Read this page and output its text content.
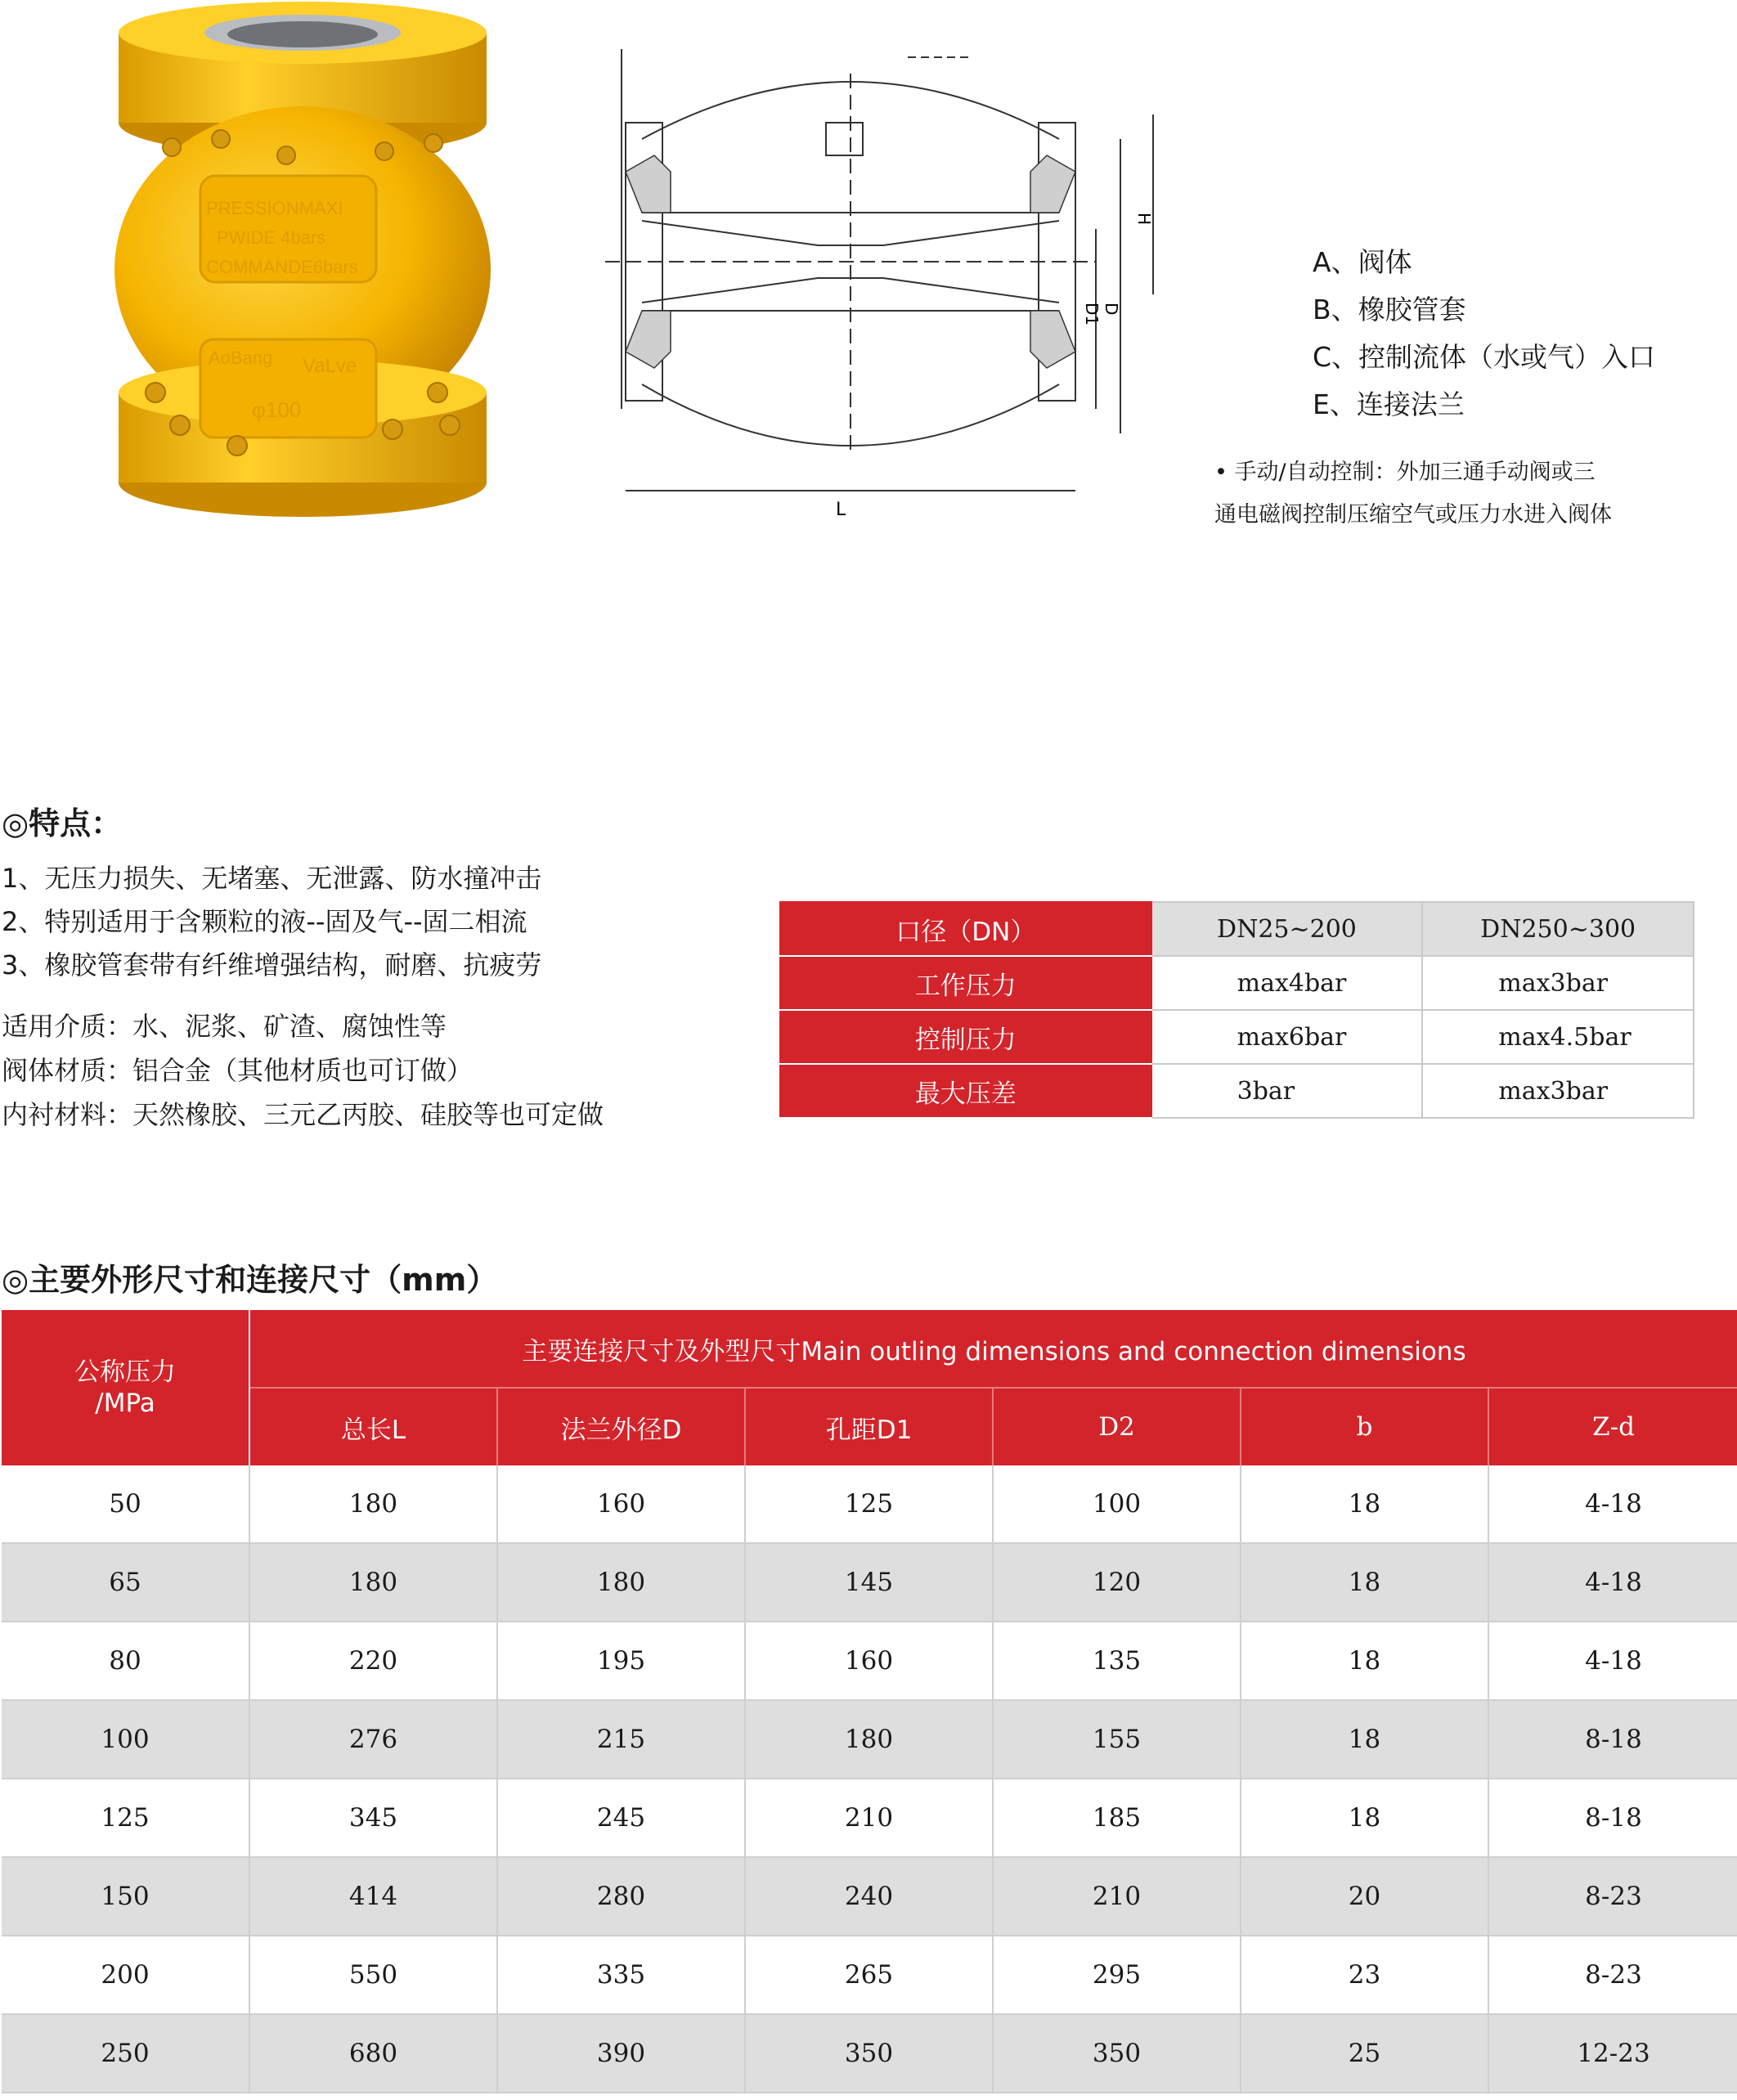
PRESSIONMAXI
PWIDE 4bars
COMMANDE6bars
AoBang VaLve
φ100
H
D
D1
L
A、阀体
B、橡胶管套
C、控制流体（水或气）入口
E、连接法兰
• 手动/自动控制：外加三通手动阀或三
通电磁阀控制压缩空气或压力水进入阀体
◎特点：
1、无压力损失、无堵塞、无泄露、防水撞冲击
2、特别适用于含颗粒的液--固及气--固二相流
3、橡胶管套带有纤维增强结构，耐磨、抗疲劳
适用介质：水、泥浆、矿渣、腐蚀性等
阀体材质：铝合金（其他材质也可订做）
内衬材料：天然橡胶、三元乙丙胶、硅胶等也可定做
口径（DN）	DN25~200	DN250~300
工作压力	max4bar	max3bar
控制压力	max6bar	max4.5bar
最大压差	3bar	max3bar
◎主要外形尺寸和连接尺寸（mm）
公称压力
/MPa	主要连接尺寸及外型尺寸Main outling dimensions and connection dimensions					
	总长L	法兰外径D	孔距D1	D2	b	Z-d
50	180	160	125	100	18	4-18
65	180	180	145	120	18	4-18
80	220	195	160	135	18	4-18
100	276	215	180	155	18	8-18
125	345	245	210	185	18	8-18
150	414	280	240	210	20	8-23
200	550	335	265	295	23	8-23
250	680	390	350	350	25	12-23
